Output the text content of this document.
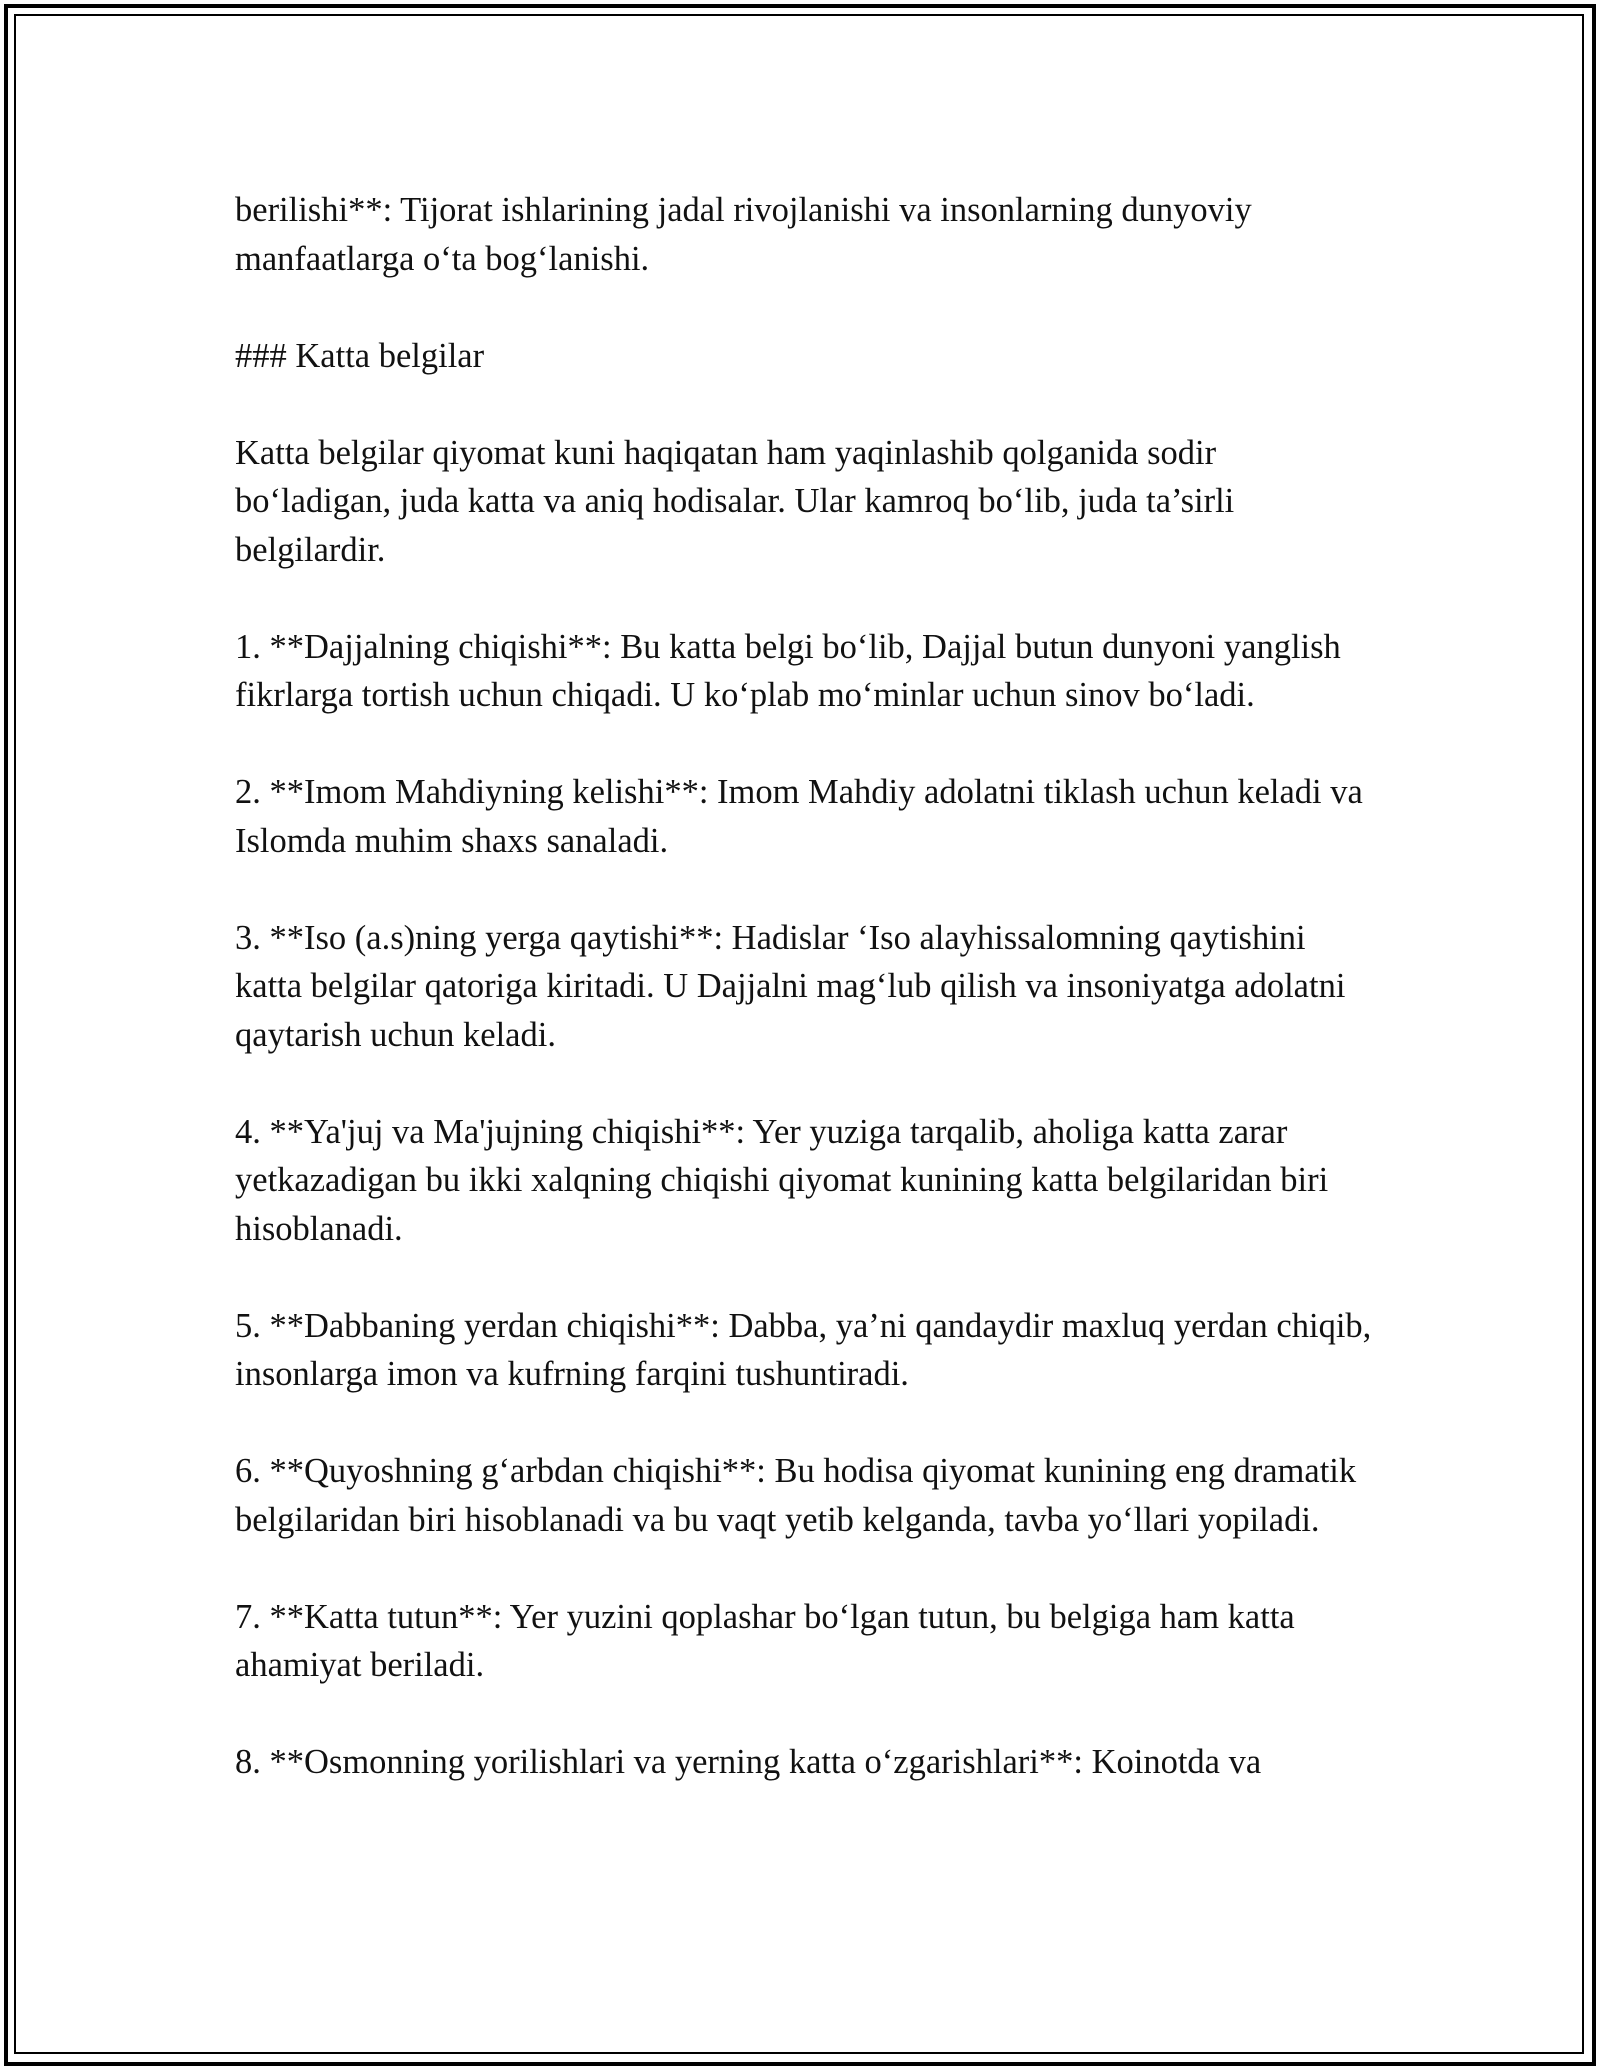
berilishi**: Tijorat ishlarining jadal rivojlanishi va insonlarning dunyoviy manfaatlarga oʻta bogʻlanishi.

### Katta belgilar

Katta belgilar qiyomat kuni haqiqatan ham yaqinlashib qolganida sodir boʻladigan, juda katta va aniq hodisalar. Ular kamroq boʻlib, juda ta’sirli belgilardir.

1. **Dajjalning chiqishi**: Bu katta belgi boʻlib, Dajjal butun dunyoni yanglish fikrlarga tortish uchun chiqadi. U koʻplab moʻminlar uchun sinov boʻladi.

2. **Imom Mahdiyning kelishi**: Imom Mahdiy adolatni tiklash uchun keladi va Islomda muhim shaxs sanaladi.

3. **Iso (a.s)ning yerga qaytishi**: Hadislar ʻIso alayhissalomning qaytishini katta belgilar qatoriga kiritadi. U Dajjalni magʻlub qilish va insoniyatga adolatni qaytarish uchun keladi.

4. **Ya'juj va Ma'jujning chiqishi**: Yer yuziga tarqalib, aholiga katta zarar yetkazadigan bu ikki xalqning chiqishi qiyomat kunining katta belgilaridan biri hisoblanadi.

5. **Dabbaning yerdan chiqishi**: Dabba, ya’ni qandaydir maxluq yerdan chiqib, insonlarga imon va kufrning farqini tushuntiradi.

6. **Quyoshning gʻarbdan chiqishi**: Bu hodisa qiyomat kunining eng dramatik belgilaridan biri hisoblanadi va bu vaqt yetib kelganda, tavba yoʻllari yopiladi.

7. **Katta tutun**: Yer yuzini qoplashar boʻlgan tutun, bu belgiga ham katta ahamiyat beriladi.

8. **Osmonning yorilishlari va yerning katta oʻzgarishlari**: Koinotda va
